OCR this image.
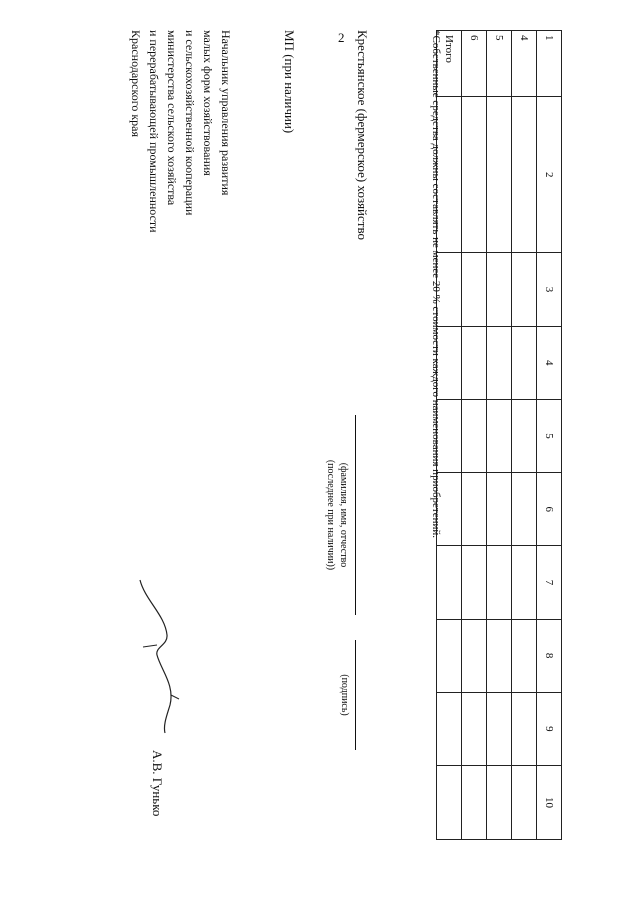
2	1	2	3	4	5	6	7	8	9	10
4									
5									
6									
Итого									
*Собственные средства должны составлять не менее 20 % стоимости каждого наименования приобретений.
Крестьянское (фермерское) хозяйство
(фамилия, имя, отчество
(последнее при наличии))
(подпись)
МП (при наличии)
Начальник управления развития
малых форм хозяйствования
и сельскохозяйственной кооперации
министерства сельского хозяйства
и перерабатывающей промышленности
Краснодарского края
А.В. Гунько
